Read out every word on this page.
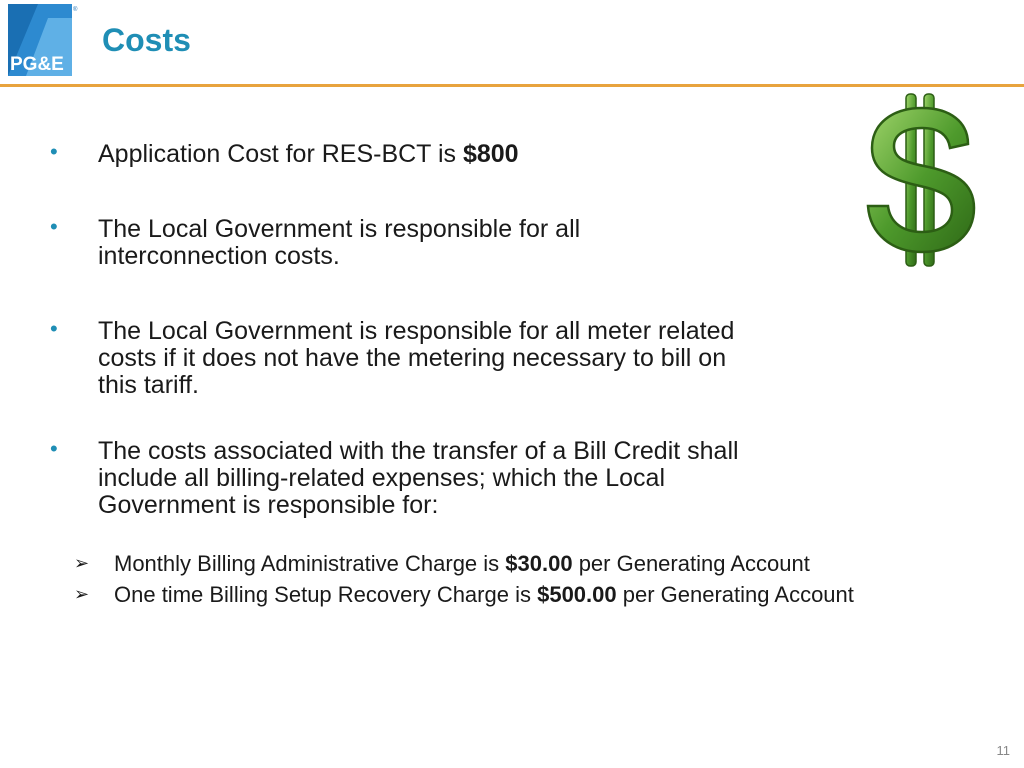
PG&E
®
Costs
• Application Cost for RES-BCT is $800
• The Local Government is responsible for all
interconnection costs.
• The Local Government is responsible for all meter related
costs if it does not have the metering necessary to bill on
this tariff.
• The costs associated with the transfer of a Bill Credit shall
include all billing-related expenses; which the Local
Government is responsible for:
➢ Monthly Billing Administrative Charge is $30.00 per Generating Account
➢ One time Billing Setup Recovery Charge is $500.00 per Generating Account
11
